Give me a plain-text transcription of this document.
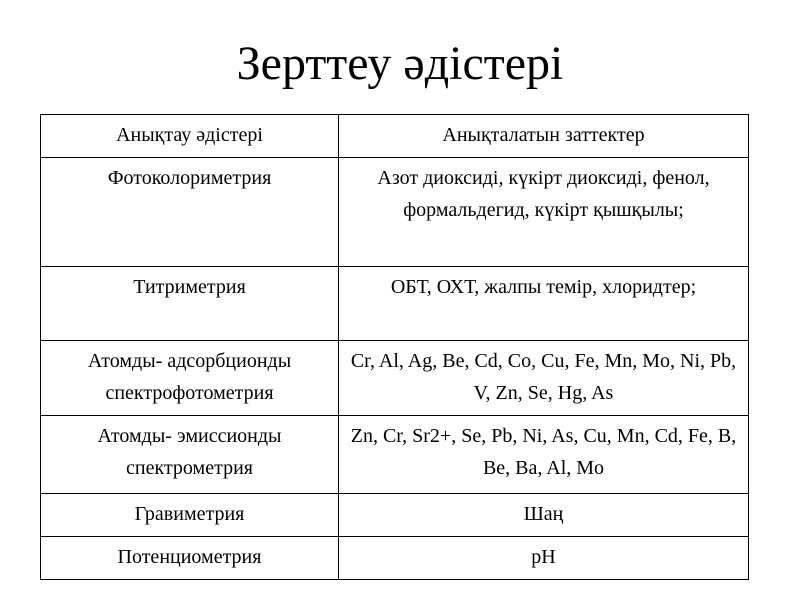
Зерттеу әдістері
Анықтау әдістері	Анықталатын заттектер

Фотоколориметрия	Азот диоксиді, күкірт диоксиді, фенол, формальдегид, күкірт қышқылы;

Титриметрия	ОБТ, ОХТ, жалпы темір, хлоридтер;

Атомды- адсорбционды спектрофотометрия	Cr, Al, Ag, Be, Cd, Co, Cu, Fe, Mn, Mo, Ni, Pb, V, Zn, Se, Hg, As

Атомды- эмиссионды спектрометрия	Zn, Cr, Sr2+, Se, Pb, Ni, As, Cu, Mn, Cd, Fe, B, Be, Ba, Al, Mo

Гравиметрия	Шаң

Потенциометрия	pH
